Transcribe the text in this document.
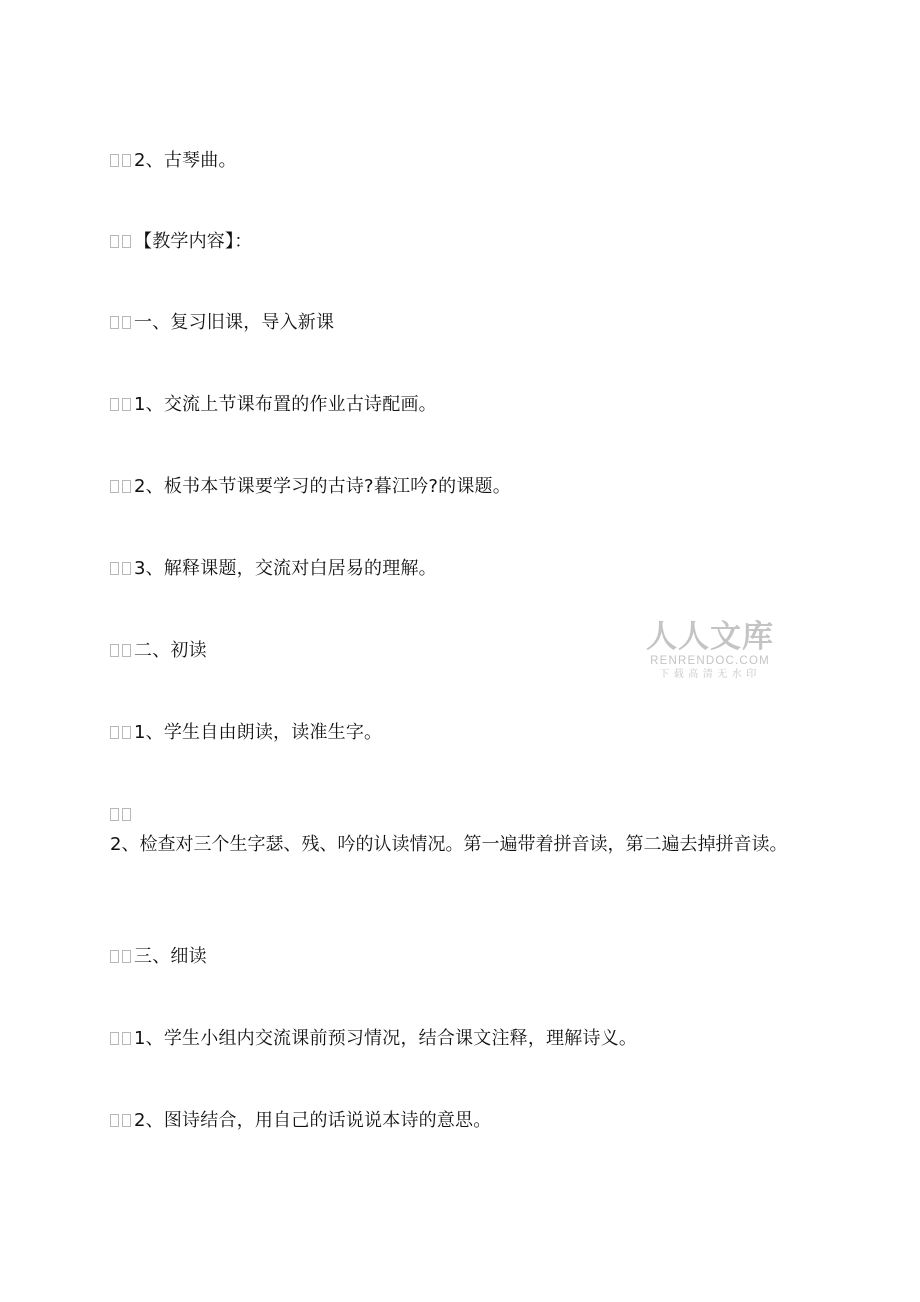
2、古琴曲。
【教学内容】：
一、复习旧课，导入新课
1、交流上节课布置的作业古诗配画。
2、板书本节课要学习的古诗?暮江吟?的课题。
3、解释课题，交流对白居易的理解。
二、初读
1、学生自由朗读，读准生字。
2、检查对三个生字瑟、残、吟的认读情况。第一遍带着拼音读，第二遍去掉拼音读。
三、细读
1、学生小组内交流课前预习情况，结合课文注释，理解诗义。
2、图诗结合，用自己的话说说本诗的意思。
人人文库
RENRENDOC.COM
下载高清无水印
